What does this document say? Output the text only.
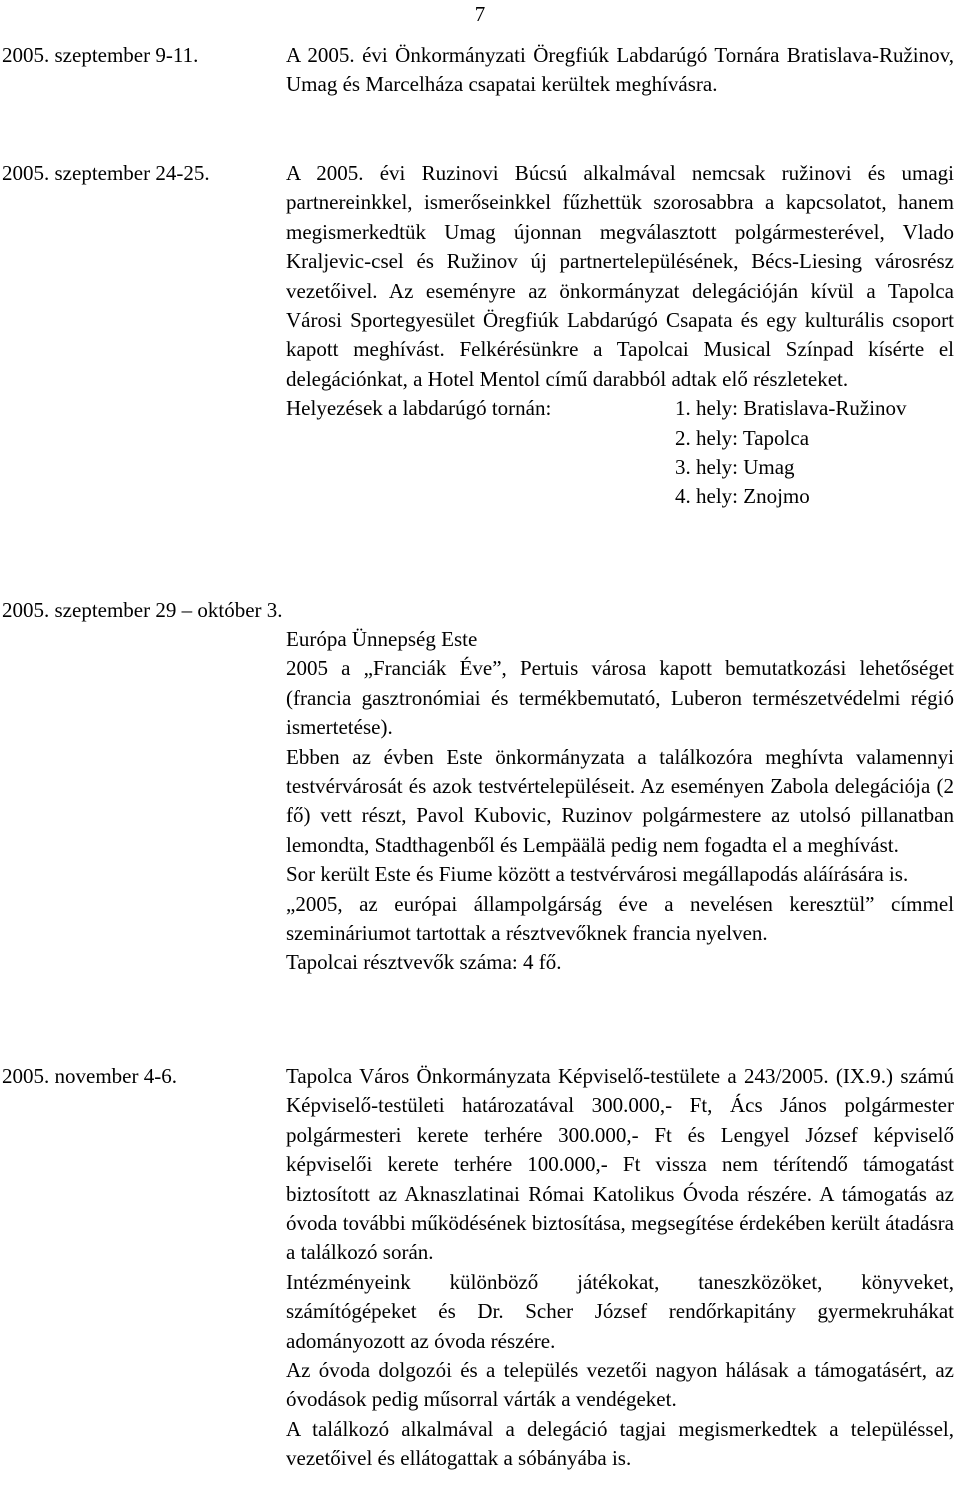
7
2005. szeptember 9-11.	A 2005. évi Önkormányzati Öregfiúk Labdarúgó Tornára Bratislava-Ružinov, Umag és Marcelháza csapatai kerültek meghívásra.

2005. szeptember 24-25.	A 2005. évi Ruzinovi Búcsú alkalmával nemcsak ružinovi és umagi partnereinkkel, ismerőseinkkel fűzhettük szorosabbra a kapcsolatot, hanem megismerkedtük Umag újonnan megválasztott polgármesterével, Vlado Kraljevic-csel és Ružinov új partnertelepülésének, Bécs-Liesing városrész vezetőivel. Az eseményre az önkormányzat delegációján kívül a Tapolca Városi Sportegyesület Öregfiúk Labdarúgó Csapata és egy kulturális csoport kapott meghívást. Felkérésünkre a Tapolcai Musical Színpad kísérte el delegációnkat, a Hotel Mentol című darabból adtak elő részleteket.

Helyezések a labdarúgó tornán:	1. hely: Bratislava-Ružinov
2. hely: Tapolca
3. hely: Umag
4. hely: Znojmo
2005. szeptember 29 – október 3.

Európa Ünnepség Este

2005 a „Franciák Éve”, Pertuis városa kapott bemutatkozási lehetőséget (francia gasztronómiai és termékbemutató, Luberon természetvédelmi régió ismertetése).

Ebben az évben Este önkormányzata a találkozóra meghívta valamennyi testvérvárosát és azok testvértelepüléseit. Az eseményen Zabola delegációja (2 fő) vett részt, Pavol Kubovic, Ruzinov polgármestere az utolsó pillanatban lemondta, Stadthagenből és Lempäälä pedig nem fogadta el a meghívást.

Sor került Este és Fiume között a testvérvárosi megállapodás aláírására is.

„2005, az európai állampolgárság éve a nevelésen keresztül” címmel szemináriumot tartottak a résztvevőknek francia nyelven.

Tapolcai résztvevők száma: 4 fő.

2005. november 4-6.	Tapolca Város Önkormányzata Képviselő-testülete a 243/2005. (IX.9.) számú Képviselő-testületi határozatával 300.000,- Ft, Ács János polgármester polgármesteri kerete terhére 300.000,- Ft és Lengyel József képviselő képviselői kerete terhére 100.000,- Ft vissza nem térítendő támogatást biztosított az Aknaszlatinai Római Katolikus Óvoda részére. A támogatás az óvoda további működésének biztosítása, megsegítése érdekében került átadásra a találkozó során.

Intézményeink különböző játékokat, taneszközöket, könyveket, számítógépeket és Dr. Scher József rendőrkapitány gyermekruhákat adományozott az óvoda részére.

Az óvoda dolgozói és a település vezetői nagyon hálásak a támogatásért, az óvodások pedig műsorral várták a vendégeket.

A találkozó alkalmával a delegáció tagjai megismerkedtek a településsel, vezetőivel és ellátogattak a sóbányába is.
